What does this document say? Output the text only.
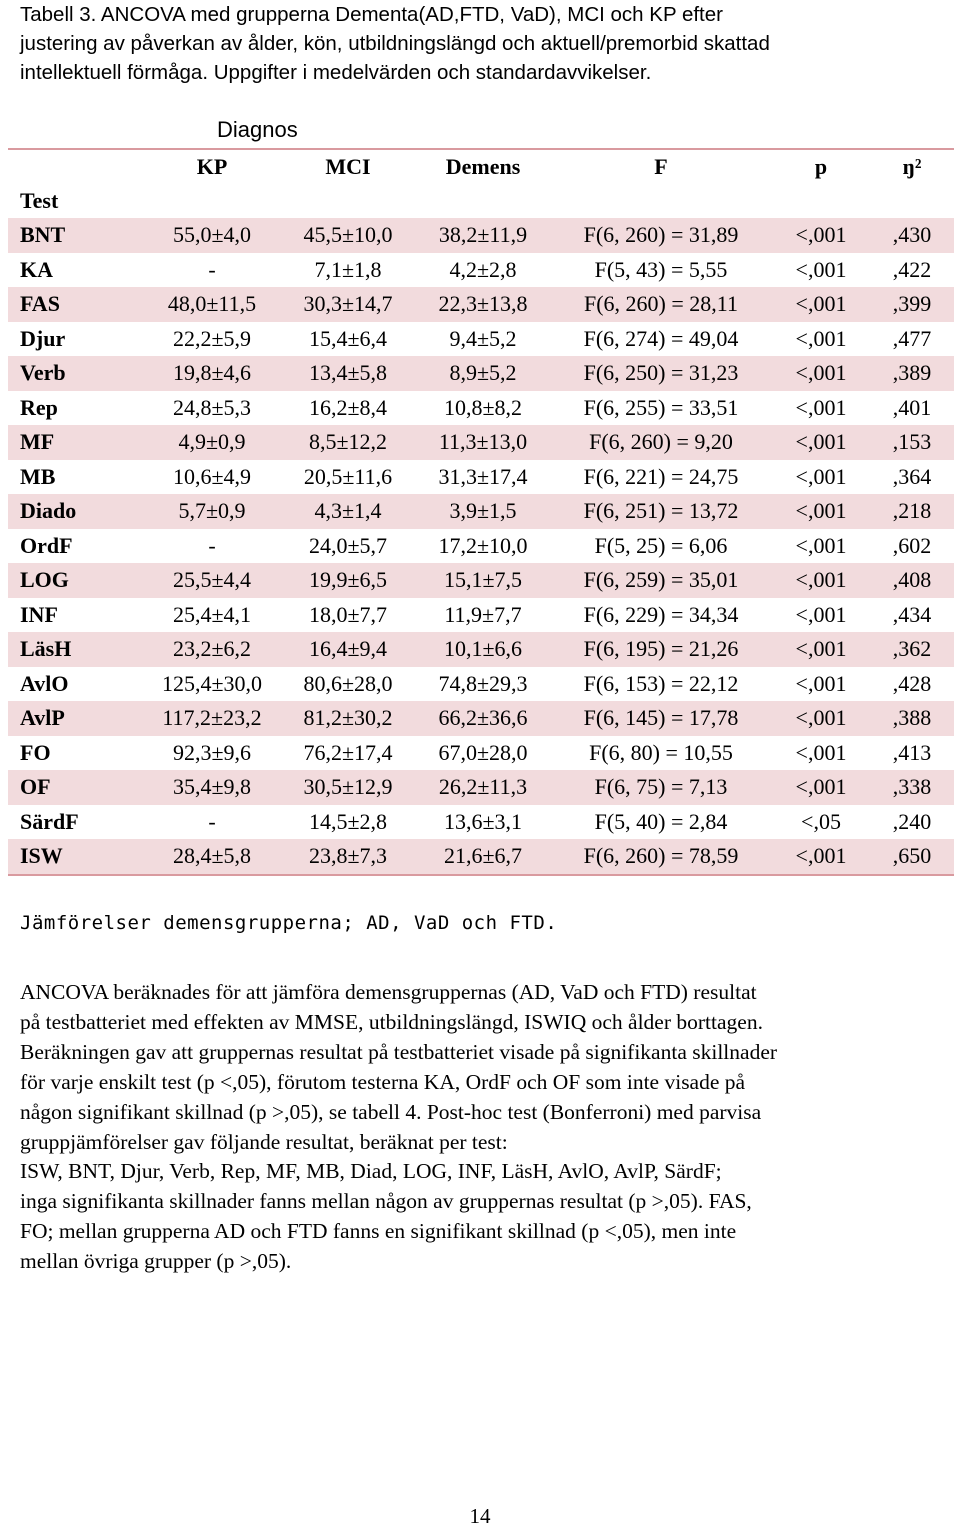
Tabell 3. ANCOVA med grupperna Dementa(AD,FTD, VaD), MCI och KP efter
justering av påverkan av ålder, kön, utbildningslängd och aktuell/premorbid skattad
intellektuell förmåga. Uppgifter i medelvärden och standardavvikelser.
Diagnos
	KP	MCI	Demens	F	p	ŋ²
Test						
BNT	55,0±4,0	45,5±10,0	38,2±11,9	F(6, 260) = 31,89	<,001	,430
KA	-	7,1±1,8	4,2±2,8	F(5, 43) = 5,55	<,001	,422
FAS	48,0±11,5	30,3±14,7	22,3±13,8	F(6, 260) = 28,11	<,001	,399
Djur	22,2±5,9	15,4±6,4	9,4±5,2	F(6, 274) = 49,04	<,001	,477
Verb	19,8±4,6	13,4±5,8	8,9±5,2	F(6, 250) = 31,23	<,001	,389
Rep	24,8±5,3	16,2±8,4	10,8±8,2	F(6, 255) = 33,51	<,001	,401
MF	4,9±0,9	8,5±12,2	11,3±13,0	F(6, 260) = 9,20	<,001	,153
MB	10,6±4,9	20,5±11,6	31,3±17,4	F(6, 221) = 24,75	<,001	,364
Diado	5,7±0,9	4,3±1,4	3,9±1,5	F(6, 251) = 13,72	<,001	,218
OrdF	-	24,0±5,7	17,2±10,0	F(5, 25) = 6,06	<,001	,602
LOG	25,5±4,4	19,9±6,5	15,1±7,5	F(6, 259) = 35,01	<,001	,408
INF	25,4±4,1	18,0±7,7	11,9±7,7	F(6, 229) = 34,34	<,001	,434
LäsH	23,2±6,2	16,4±9,4	10,1±6,6	F(6, 195) = 21,26	<,001	,362
AvlO	125,4±30,0	80,6±28,0	74,8±29,3	F(6, 153) = 22,12	<,001	,428
AvlP	117,2±23,2	81,2±30,2	66,2±36,6	F(6, 145) = 17,78	<,001	,388
FO	92,3±9,6	76,2±17,4	67,0±28,0	F(6, 80) = 10,55	<,001	,413
OF	35,4±9,8	30,5±12,9	26,2±11,3	F(6, 75) = 7,13	<,001	,338
SärdF	-	14,5±2,8	13,6±3,1	F(5, 40) = 2,84	<,05	,240
ISW	28,4±5,8	23,8±7,3	21,6±6,7	F(6, 260) = 78,59	<,001	,650
Jämförelser demensgrupperna; AD, VaD och FTD.
ANCOVA beräknades för att jämföra demensgruppernas (AD, VaD och FTD) resultat
på testbatteriet med effekten av MMSE, utbildningslängd, ISWIQ och ålder borttagen.
Beräkningen gav att gruppernas resultat på testbatteriet visade på signifikanta skillnader
för varje enskilt test (p <,05), förutom testerna KA, OrdF och OF som inte visade på
någon signifikant skillnad (p >,05), se tabell 4. Post-hoc test (Bonferroni) med parvisa
gruppjämförelser gav följande resultat, beräknat per test:
ISW, BNT, Djur, Verb, Rep, MF, MB, Diad, LOG, INF, LäsH, AvlO, AvlP, SärdF;
inga signifikanta skillnader fanns mellan någon av gruppernas resultat (p >,05). FAS,
FO; mellan grupperna AD och FTD fanns en signifikant skillnad (p <,05), men inte
mellan övriga grupper (p >,05).
14
